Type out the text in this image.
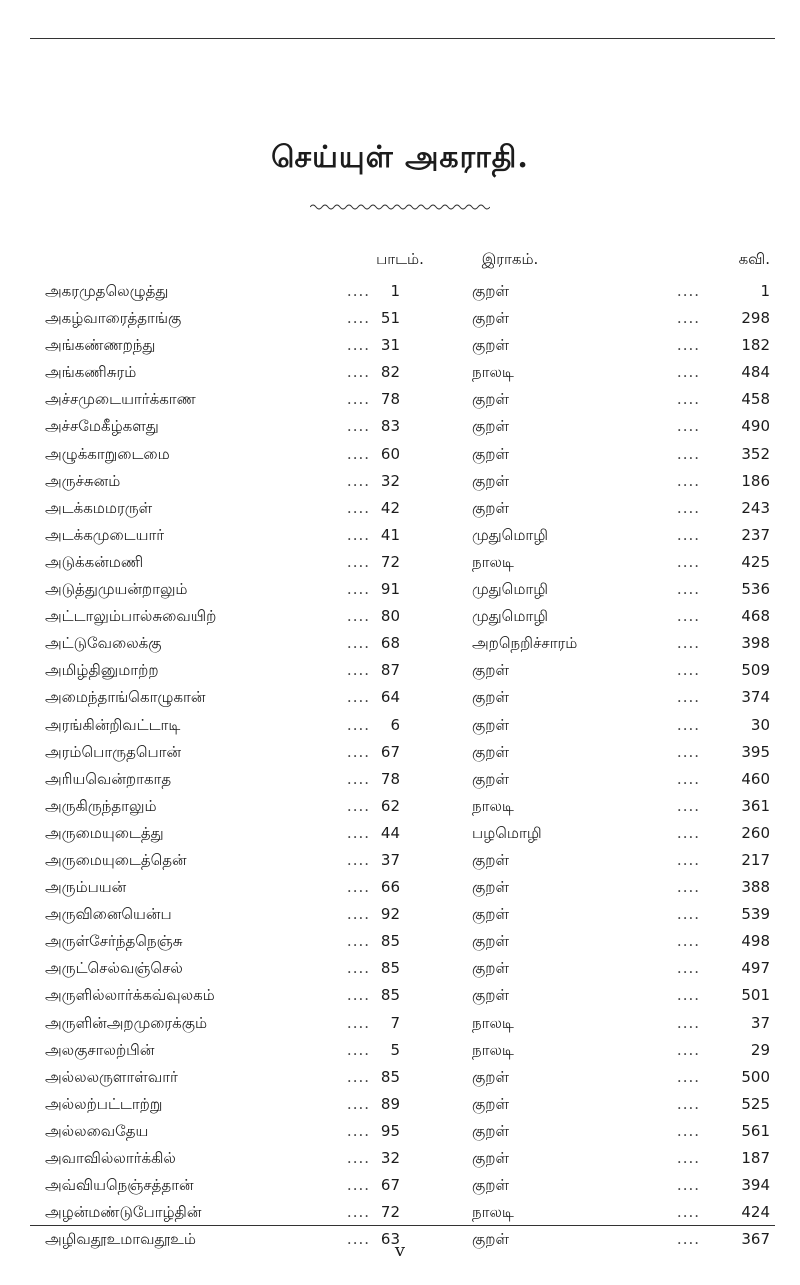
செய்யுள் அகராதி.
பாடம்.	இராகம்.	கவி.
அகரமுதலெழுத்து	....	1	குறள்	....	1
அகழ்வாரைத்தாங்கு	.... 51	குறள்	....	298
அங்கண்ணறந்து	.... 31	குறள்	....	182
அங்கணிசுரம்	.... 82	நாலடி	....	484
அச்சமுடையார்க்காண	.... 78	குறள்	....	458
அச்சமேகீழ்களது	.... 83	குறள்	....	490
அழுக்காறுடைமை	.... 60	குறள்	....	352
அருச்சுனம்	.... 32	குறள்	....	186
அடக்கமமரருள்	.... 42	குறள்	....	243
அடக்கமுடையார்	.... 41	முதுமொழி	....	237
அடுக்கன்மணி	.... 72	நாலடி	....	425
அடுத்துமுயன்றாலும்	.... 91	முதுமொழி	....	536
அட்டாலும்பால்சுவையிற்	.... 80	முதுமொழி	....	468
அட்டுவேலைக்கு	.... 68	அறநெறிச்சாரம்	....	398
அமிழ்தினுமாற்ற	.... 87	குறள்	....	509
அமைந்தாங்கொழுகான்	.... 64	குறள்	....	374
அரங்கின்றிவட்டாடி	....	6	குறள்	....	30
அரம்பொருதபொன்	.... 67	குறள்	....	395
அரியவென்றாகாத	.... 78	குறள்	....	460
அருகிருந்தாலும்	.... 62	நாலடி	....	361
அருமையுடைத்து	.... 44	பழமொழி	....	260
அருமையுடைத்தென்	.... 37	குறள்	....	217
அரும்பயன்	.... 66	குறள்	....	388
அருவினையென்ப	.... 92	குறள்	....	539
அருள்சேர்ந்தநெஞ்சு	.... 85	குறள்	....	498
அருட்செல்வஞ்செல்	.... 85	குறள்	....	497
அருளில்லார்க்கவ்வுலகம்	.... 85	குறள்	....	501
அருளின்அறமுரைக்கும்	....	7	நாலடி	....	37
அலகுசாலற்பின்	....	5	நாலடி	....	29
அல்லலருளாள்வார்	.... 85	குறள்	....	500
அல்லற்பட்டாற்று	.... 89	குறள்	....	525
அல்லவைதேய	.... 95	குறள்	....	561
அவாவில்லார்க்கில்	.... 32	குறள்	....	187
அவ்வியநெஞ்சத்தான்	.... 67	குறள்	....	394
அழன்மண்டுபோழ்தின்	.... 72	நாலடி	....	424
அழிவதூஉமாவதூஉம்	.... 63	குறள்	....	367
v
